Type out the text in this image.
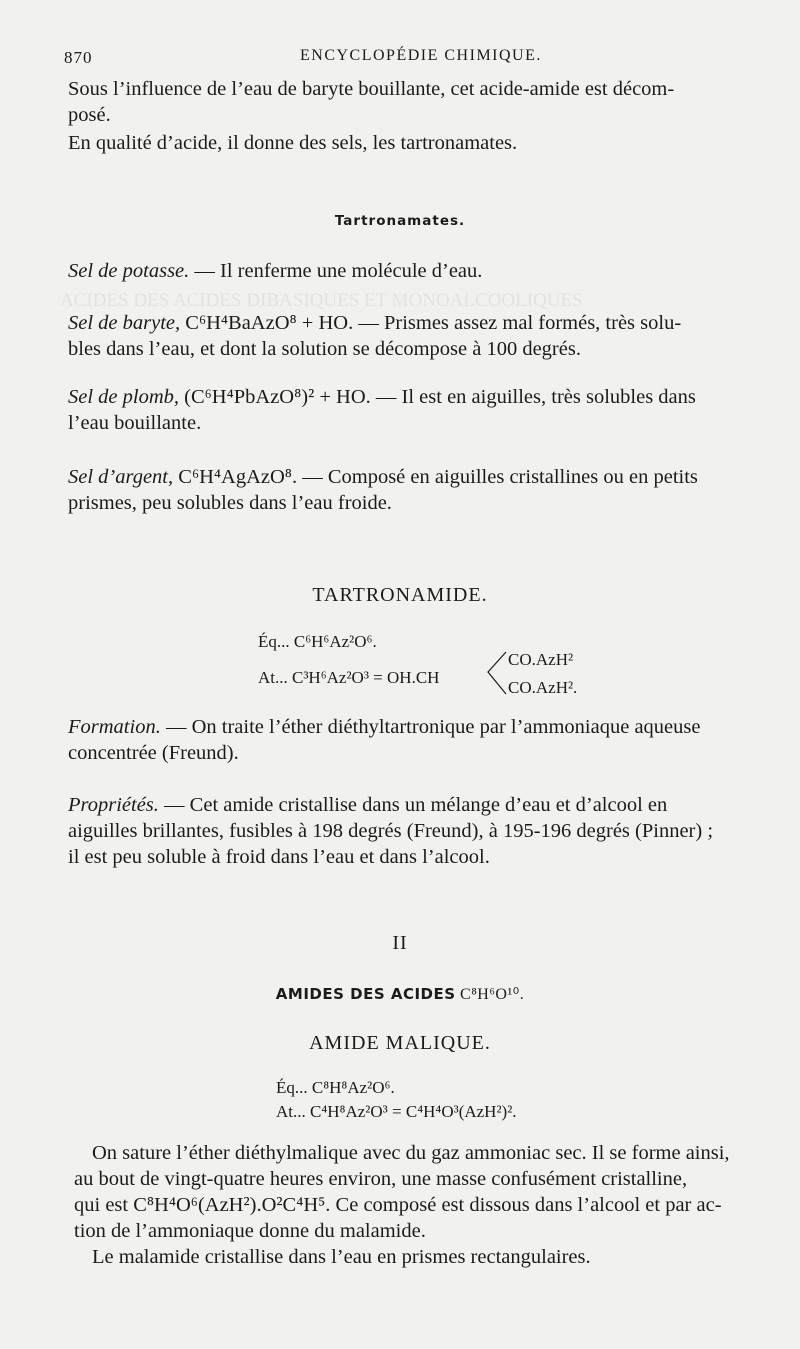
ACIDES DES ACIDES DIBASIQUES ET MONOALCOOLIQUES
870	ENCYCLOPÉDIE CHIMIQUE.
Sous l’influence de l’eau de baryte bouillante, cet acide-amide est décom-
posé.
En qualité d’acide, il donne des sels, les tartronamates.
Tartronamates.
Sel de potasse. — Il renferme une molécule d’eau.
Sel de baryte, C⁶H⁴BaAzO⁸ + HO. — Prismes assez mal formés, très solu-
bles dans l’eau, et dont la solution se décompose à 100 degrés.
Sel de plomb, (C⁶H⁴PbAzO⁸)² + HO. — Il est en aiguilles, très solubles dans
l’eau bouillante.
Sel d’argent, C⁶H⁴AgAzO⁸. — Composé en aiguilles cristallines ou en petits
prismes, peu solubles dans l’eau froide.
TARTRONAMIDE.
Éq... C⁶H⁶Az²O⁶.
At... C³H⁶Az²O³ = OH.CH
CO.AzH²
CO.AzH².
Formation. — On traite l’éther diéthyltartronique par l’ammoniaque aqueuse
concentrée (Freund).
Propriétés. — Cet amide cristallise dans un mélange d’eau et d’alcool en
aiguilles brillantes, fusibles à 198 degrés (Freund), à 195-196 degrés (Pinner) ;
il est peu soluble à froid dans l’eau et dans l’alcool.
II
AMIDES DES ACIDES C⁸H⁶O¹⁰.
AMIDE MALIQUE.
Éq... C⁸H⁸Az²O⁶.
At... C⁴H⁸Az²O³ = C⁴H⁴O³(AzH²)².
On sature l’éther diéthylmalique avec du gaz ammoniac sec. Il se forme ainsi,
au bout de vingt-quatre heures environ, une masse confusément cristalline,
qui est C⁸H⁴O⁶(AzH²).O²C⁴H⁵. Ce composé est dissous dans l’alcool et par ac-
tion de l’ammoniaque donne du malamide.
Le malamide cristallise dans l’eau en prismes rectangulaires.
